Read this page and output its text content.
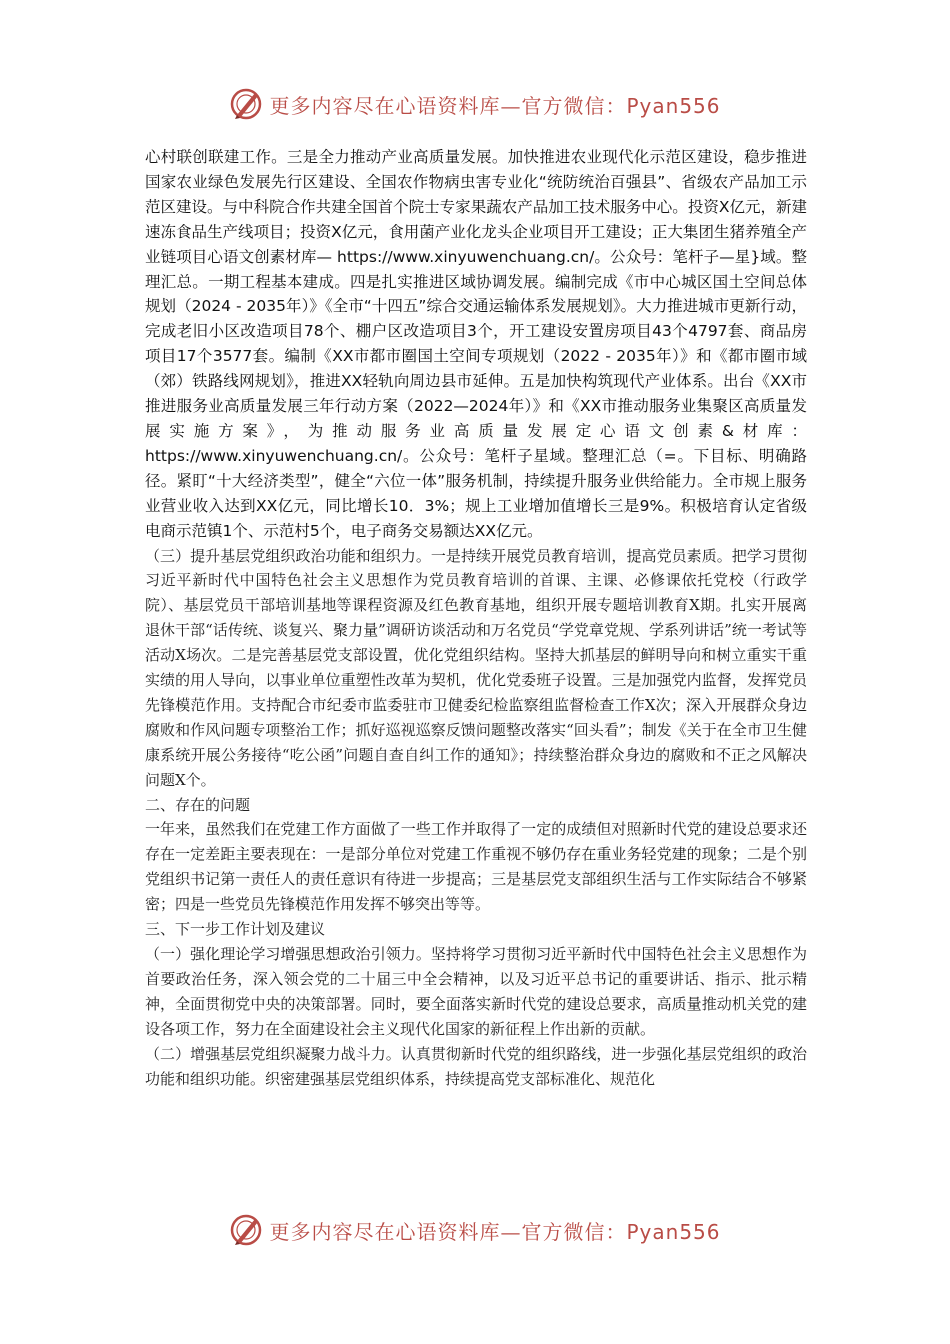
更多内容尽在心语资料库—官方微信：Pyan556

心村联创联建工作。三是全力推动产业高质量发展。加快推进农业现代化示范区建设，稳步推进国家农业绿色发展先行区建设、全国农作物病虫害专业化“统防统治百强县”、省级农产品加工示范区建设。与中科院合作共建全国首个院士专家果蔬农产品加工技术服务中心。投资X亿元，新建速冻食品生产线项目；投资X亿元，食用菌产业化龙头企业项目开工建设；正大集团生猪养殖全产业链项目心语文创素材库— https://www.xinyuwenchuang.cn/。公众号：笔杆子—星}域。整理汇总。一期工程基本建成。四是扎实推进区域协调发展。编制完成《市中心城区国土空间总体规划（2024 - 2035年）》《全市“十四五”综合交通运输体系发展规划》。大力推进城市更新行动，完成老旧小区改造项目78个、棚户区改造项目3个，开工建设安置房项目43个4797套、商品房项目17个3577套。编制《XX市都市圈国土空间专项规划（2022 - 2035年）》和《都市圈市域（郊）铁路线网规划》，推进XX轻轨向周边县市延伸。五是加快构筑现代产业体系。出台《XX市推进服务业高质量发展三年行动方案（2022—2024年）》和《XX市推动服务业集聚区高质量发展实施方案》，为推动服务业高质量发展定心语文创素&材库：https://www.xinyuwenchuang.cn/。公众号：笔杆子星域。整理汇总（=。下目标、明确路径。紧盯“十大经济类型”，健全“六位一体”服务机制，持续提升服务业供给能力。全市规上服务业营业收入达到XX亿元，同比增长10．3%；规上工业增加值增长三是9%。积极培育认定省级电商示范镇1个、示范村5个，电子商务交易额达XX亿元。

（三）提升基层党组织政治功能和组织力。一是持续开展党员教育培训，提高党员素质。把学习贯彻习近平新时代中国特色社会主义思想作为党员教育培训的首课、主课、必修课依托党校（行政学院）、基层党员干部培训基地等课程资源及红色教育基地，组织开展专题培训教育X期。扎实开展离退休干部“话传统、谈复兴、聚力量”调研访谈活动和万名党员“学党章党规、学系列讲话”统一考试等活动X场次。二是完善基层党支部设置，优化党组织结构。坚持大抓基层的鲜明导向和树立重实干重实绩的用人导向，以事业单位重塑性改革为契机，优化党委班子设置。三是加强党内监督，发挥党员先锋模范作用。支持配合市纪委市监委驻市卫健委纪检监察组监督检查工作X次；深入开展群众身边腐败和作风问题专项整治工作；抓好巡视巡察反馈问题整改落实“回头看”；制发《关于在全市卫生健康系统开展公务接待“吃公函”问题自查自纠工作的通知》；持续整治群众身边的腐败和不正之风解决问题X个。

二、存在的问题

一年来，虽然我们在党建工作方面做了一些工作并取得了一定的成绩但对照新时代党的建设总要求还存在一定差距主要表现在：一是部分单位对党建工作重视不够仍存在重业务轻党建的现象；二是个别党组织书记第一责任人的责任意识有待进一步提高；三是基层党支部组织生活与工作实际结合不够紧密；四是一些党员先锋模范作用发挥不够突出等等。

三、下一步工作计划及建议

（一）强化理论学习增强思想政治引领力。坚持将学习贯彻习近平新时代中国特色社会主义思想作为首要政治任务，深入领会党的二十届三中全会精神，以及习近平总书记的重要讲话、指示、批示精神，全面贯彻党中央的决策部署。同时，要全面落实新时代党的建设总要求，高质量推动机关党的建设各项工作，努力在全面建设社会主义现代化国家的新征程上作出新的贡献。

（二）增强基层党组织凝聚力战斗力。认真贯彻新时代党的组织路线，进一步强化基层党组织的政治功能和组织功能。织密建强基层党组织体系，持续提高党支部标准化、规范化

更多内容尽在心语资料库—官方微信：Pyan556
